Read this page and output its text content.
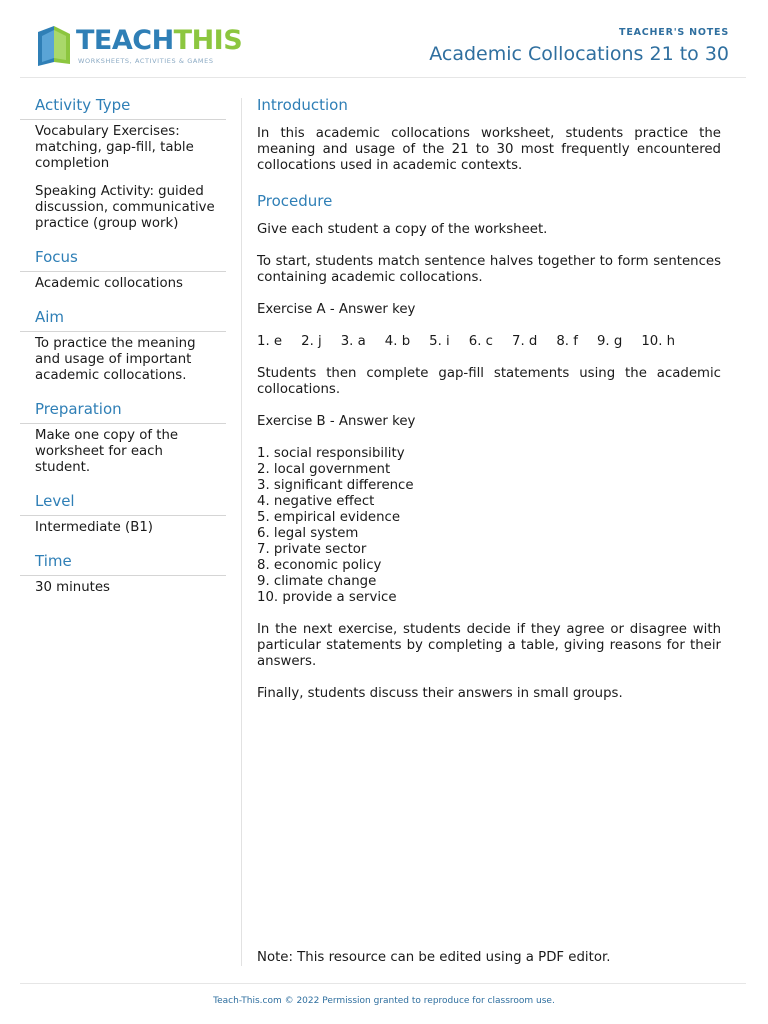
TEACHTHIS
WORKSHEETS, ACTIVITIES & GAMES
TEACHER'S NOTES
Academic Collocations 21 to 30
Activity Type

Vocabulary Exercises: matching, gap-fill, table completion

Speaking Activity: guided discussion, communicative practice (group work)

Focus

Academic collocations

Aim

To practice the meaning and usage of important academic collocations.

Preparation

Make one copy of the worksheet for each student.

Level

Intermediate (B1)

Time

30 minutes

Introduction

In this academic collocations worksheet, students practice the meaning and usage of the 21 to 30 most frequently encountered collocations used in academic contexts.

Procedure

Give each student a copy of the worksheet.

To start, students match sentence halves together to form sentences containing academic collocations.

Exercise A - Answer key

1. e 2. j 3. a 4. b 5. i 6. c 7. d 8. f 9. g 10. h

Students then complete gap-fill statements using the academic collocations.

Exercise B - Answer key

1. social responsibility
2. local government
3. significant difference
4. negative effect
5. empirical evidence
6. legal system
7. private sector
8. economic policy
9. climate change
10. provide a service

In the next exercise, students decide if they agree or disagree with particular statements by completing a table, giving reasons for their answers.

Finally, students discuss their answers in small groups.

Note: This resource can be edited using a PDF editor.
Teach-This.com © 2022 Permission granted to reproduce for classroom use.
